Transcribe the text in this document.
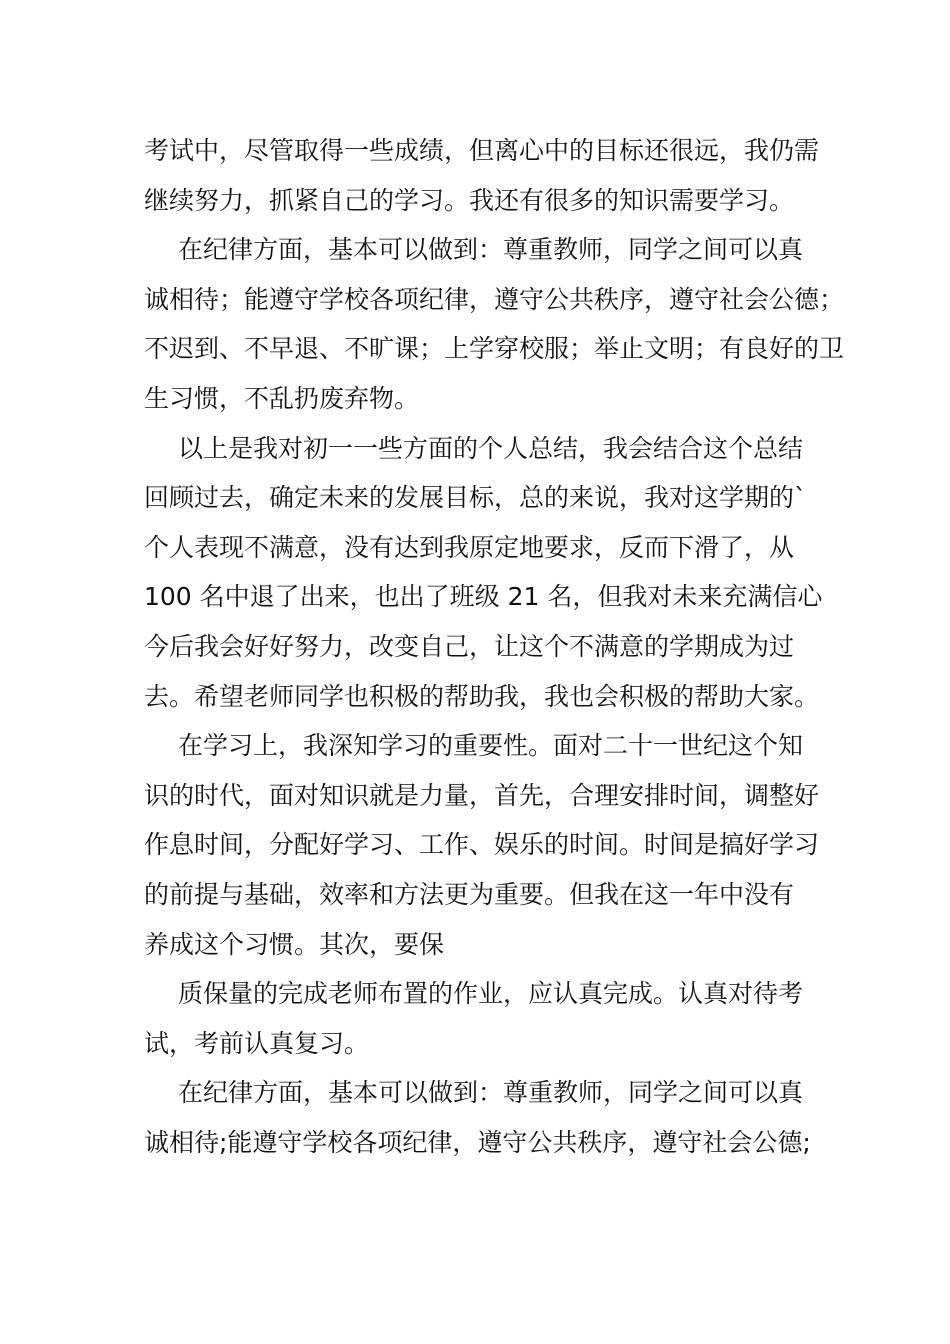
考试中，尽管取得一些成绩，但离心中的目标还很远，我仍需
继续努力，抓紧自己的学习。我还有很多的知识需要学习。
在纪律方面，基本可以做到：尊重教师，同学之间可以真
诚相待；能遵守学校各项纪律，遵守公共秩序，遵守社会公德；
不迟到、不早退、不旷课；上学穿校服；举止文明；有良好的卫
生习惯，不乱扔废弃物。
以上是我对初一一些方面的个人总结，我会结合这个总结
回顾过去，确定未来的发展目标，总的来说，我对这学期的`
个人表现不满意，没有达到我原定地要求，反而下滑了，从
100 名中退了出来，也出了班级 21 名，但我对未来充满信心
今后我会好好努力，改变自己，让这个不满意的学期成为过
去。希望老师同学也积极的帮助我，我也会积极的帮助大家。
在学习上，我深知学习的重要性。面对二十一世纪这个知
识的时代，面对知识就是力量，首先，合理安排时间，调整好
作息时间，分配好学习、工作、娱乐的时间。时间是搞好学习
的前提与基础，效率和方法更为重要。但我在这一年中没有
养成这个习惯。其次，要保
质保量的完成老师布置的作业，应认真完成。认真对待考
试，考前认真复习。
在纪律方面，基本可以做到：尊重教师，同学之间可以真
诚相待;能遵守学校各项纪律，遵守公共秩序，遵守社会公德;
